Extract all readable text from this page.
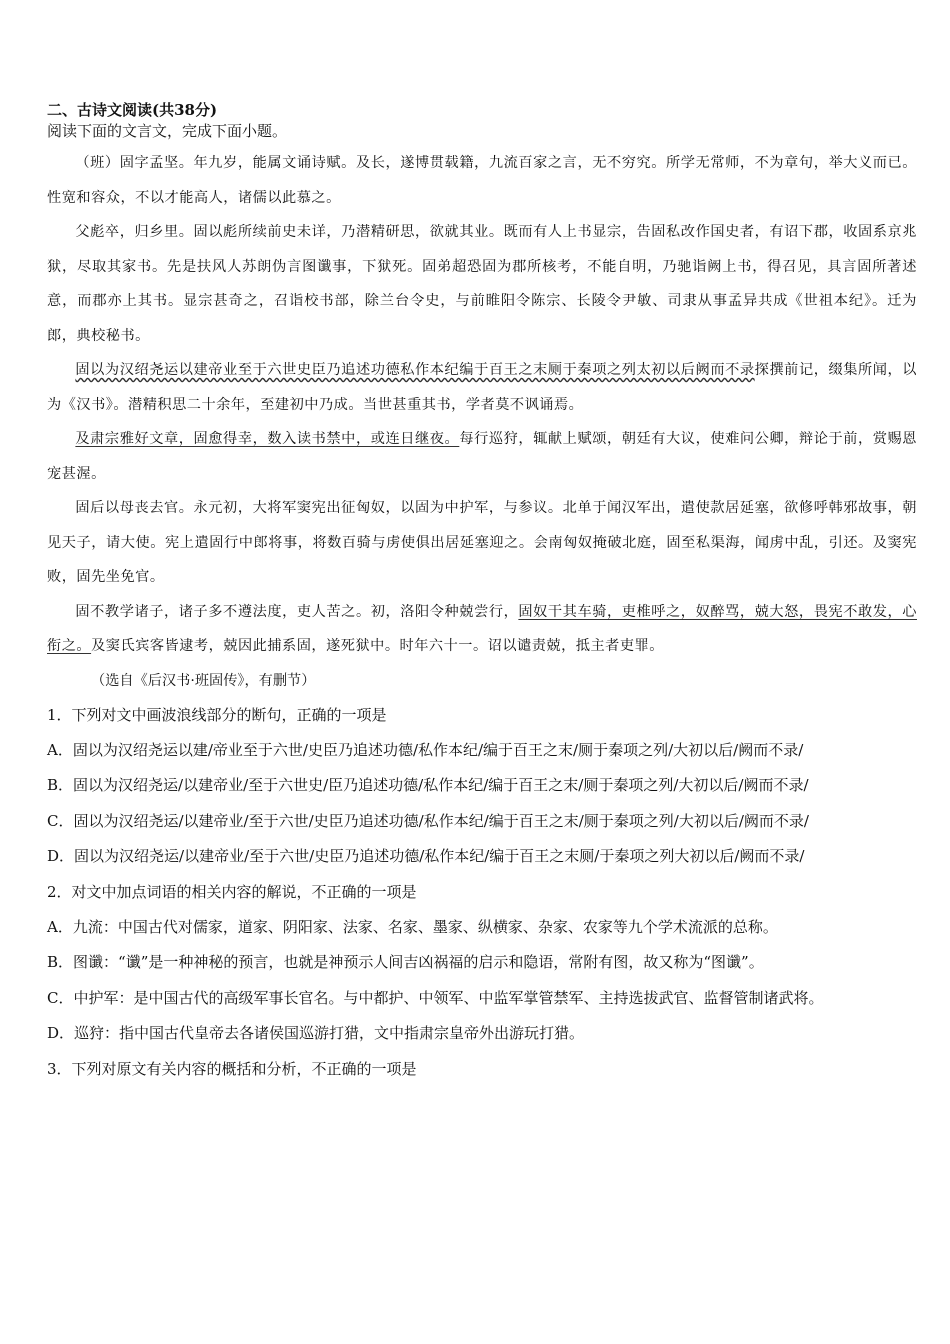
二、古诗文阅读(共38分)

阅读下面的文言文，完成下面小题。

（班）固字孟坚。年九岁，能属文诵诗赋。及长，遂博贯载籍，九流百家之言，无不穷究。所学无常师，不为章句，举大义而已。性宽和容众，不以才能高人，诸儒以此慕之。

父彪卒，归乡里。固以彪所续前史未详，乃潜精研思，欲就其业。既而有人上书显宗，告固私改作国史者，有诏下郡，收固系京兆狱，尽取其家书。先是扶风人苏朗伪言图谶事，下狱死。固弟超恐固为郡所核考，不能自明，乃驰诣阙上书，得召见，具言固所著述意，而郡亦上其书。显宗甚奇之，召诣校书部，除兰台令史，与前睢阳令陈宗、长陵令尹敏、司隶从事孟异共成《世祖本纪》。迁为郎，典校秘书。

固以为汉绍尧运以建帝业至于六世史臣乃追述功德私作本纪编于百王之末厕于秦项之列太初以后阙而不录探撰前记，缀集所闻，以为《汉书》。潜精积思二十余年，至建初中乃成。当世甚重其书，学者莫不讽诵焉。

及肃宗雅好文章，固愈得幸，数入读书禁中，或连日继夜。每行巡狩，辄献上赋颂，朝廷有大议，使难问公卿，辩论于前，赏赐恩宠甚渥。

固后以母丧去官。永元初，大将军窦宪出征匈奴，以固为中护军，与参议。北单于闻汉军出，遣使款居延塞，欲修呼韩邪故事，朝见天子，请大使。宪上遣固行中郎将事，将数百骑与虏使俱出居延塞迎之。会南匈奴掩破北庭，固至私渠海，闻虏中乱，引还。及窦宪败，固先坐免官。

固不教学诸子，诸子多不遵法度，吏人苦之。初，洛阳令种兢尝行，固奴干其车骑，吏椎呼之，奴醉骂，兢大怒，畏宪不敢发，心衔之。及窦氏宾客皆逮考，兢因此捕系固，遂死狱中。时年六十一。诏以谴责兢，抵主者吏罪。

（选自《后汉书·班固传》，有删节）

1．下列对文中画波浪线部分的断句，正确的一项是

A．固以为汉绍尧运以建/帝业至于六世/史臣乃追述功德/私作本纪/编于百王之末/厕于秦项之列/大初以后/阙而不录/

B．固以为汉绍尧运/以建帝业/至于六世史/臣乃追述功德/私作本纪/编于百王之末/厕于秦项之列/大初以后/阙而不录/

C．固以为汉绍尧运/以建帝业/至于六世/史臣乃追述功德/私作本纪/编于百王之末/厕于秦项之列/大初以后/阙而不录/

D．固以为汉绍尧运/以建帝业/至于六世/史臣乃追述功德/私作本纪/编于百王之末厕/于秦项之列大初以后/阙而不录/

2．对文中加点词语的相关内容的解说，不正确的一项是

A．九流：中国古代对儒家，道家、阴阳家、法家、名家、墨家、纵横家、杂家、农家等九个学术流派的总称。

B．图谶：“谶”是一种神秘的预言，也就是神预示人间吉凶祸福的启示和隐语，常附有图，故又称为“图谶”。

C．中护军：是中国古代的高级军事长官名。与中都护、中领军、中监军掌管禁军、主持选拔武官、监督管制诸武将。

D．巡狩：指中国古代皇帝去各诸侯国巡游打猎，文中指肃宗皇帝外出游玩打猎。

3．下列对原文有关内容的概括和分析，不正确的一项是
